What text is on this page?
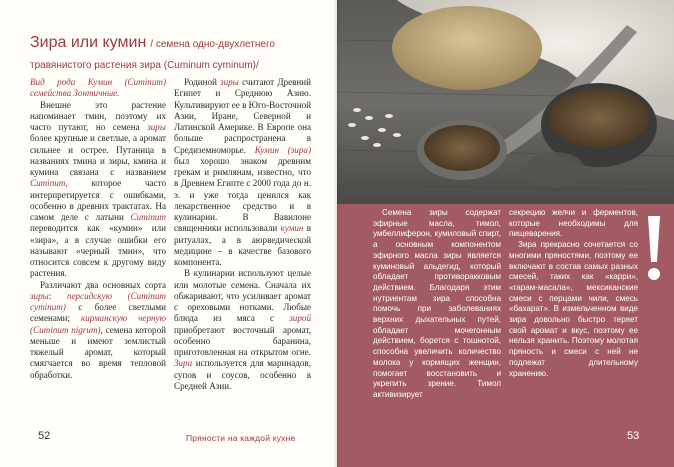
Зира или кумин / семена одно-двухлетнего травянистого растения зира (Cuminum cyminum)/
Вид рода Кумин (Cuminum) семейства Зонтичные.

Внешне это растение напоминает тмин, поэтому их часто путают, но семена зиры более крупные и светлые, а аромат сильнее и острее. Путаница в названиях тмина и зиры, кмина и кумина связана с названием Cuminum,	которое часто интерпретируется с ошибками, особенно в древних трактатах. На самом деле с латыни Cuminum переводится как «кумин» или «зира», а в случае ошибки его называют «черный тмин», что относится совсем к другому виду растения.

Различают два основных сорта зиры: персидскую (Cuminum cyminum) с более светлыми семенами; кирманскую черную (Cuminum nigrum), семена которой меньше и имеют землистый тяжелый аромат, который смягчается во время тепловой обработки.

Родиной зиры считают Древний Египет и Среднюю Азию. Культивируют ее в Юго-Восточной Азии, Иране, Северной и Латинской Америке. В Европе она больше распространена в Средиземноморье. Кумин (зира) был хорошо знаком древним грекам и римлянам, известно, что в Древнем Египте с 2000 года до н. э. и уже тогда ценился как лекарственное средство и в кулинарии. В Вавилоне священники использовали кумин в ритуалах, а в аюрведической медицине – в качестве базового компонента.

В кулинарии используют целые или молотые семена. Сначала их обжаривают, что усиливает аромат с ореховыми нотками. Любые блюда из мяса с зирой приобретают восточный аромат, особенно баранина, приготовленная на открытом огне. Зира используется для маринадов, супов и соусов, особенно в Средней Азии.

52	Пряности на каждой кухне

Семена зиры содержат эфирные масла, тимол, умбеллиферон, кумиловый спирт, а основным компонентом эфирного масла зиры является куминовый альдегид, который обладает противоракковым действием. Благодаря этим нутриентам зира способна помочь при заболеваниях верхних дыхательных путей, обладает мочегонным действием, борется с тошнотой, способна увеличить количество молока у кормящих женщин, помогает восстановить и укрепить зрение. Тимол активизирует

секрецию желчи и ферментов, которые необходимы для пищеварения.

Зира прекрасно сочетается со многими пряностями, поэтому ее включают в состав самых разных смесей, таких как «карри», «гарам-масала», мексиканские смеси с перцами чили, смесь «бахарат». В измельченном виде зира довольно быстро теряет свой аромат и вкус, поэтому ее нельзя хранить. Поэтому молотая пряность и смеси с ней не подлежат длительному хранению.

53
